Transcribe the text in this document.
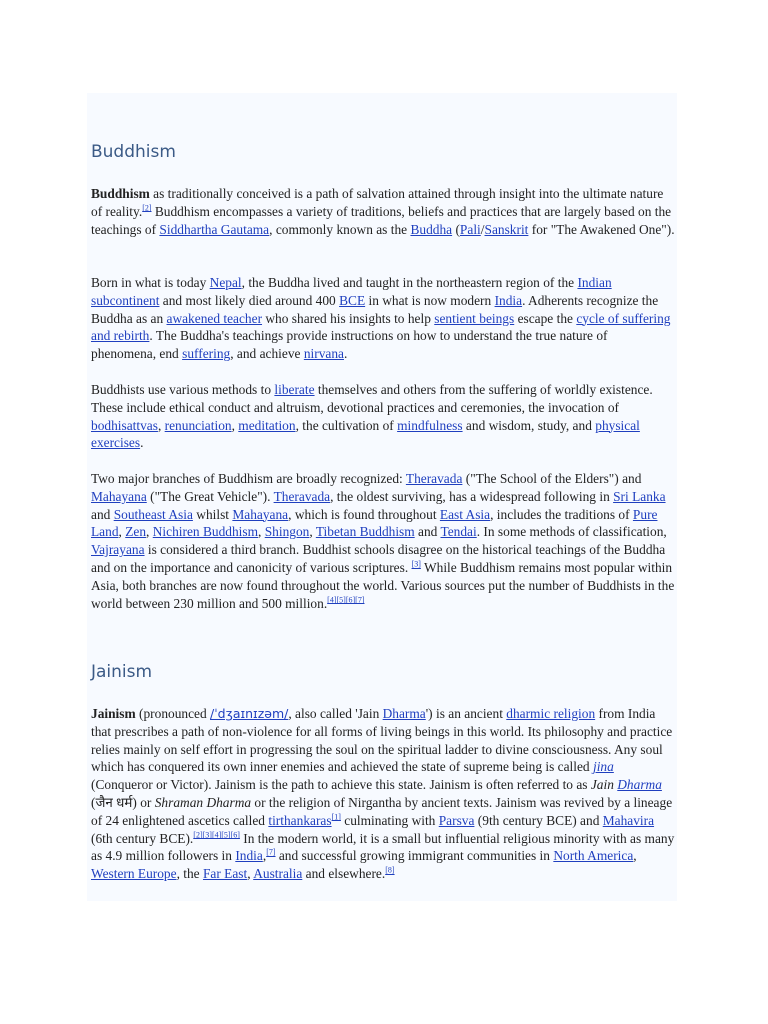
Buddhism

Buddhism as traditionally conceived is a path of salvation attained through insight into the ultimate nature of reality.[2] Buddhism encompasses a variety of traditions, beliefs and practices that are largely based on the teachings of Siddhartha Gautama, commonly known as the Buddha (Pali/Sanskrit for "The Awakened One").

Born in what is today Nepal, the Buddha lived and taught in the northeastern region of the Indian subcontinent and most likely died around 400 BCE in what is now modern India. Adherents recognize the Buddha as an awakened teacher who shared his insights to help sentient beings escape the cycle of suffering and rebirth. The Buddha's teachings provide instructions on how to understand the true nature of phenomena, end suffering, and achieve nirvana.

Buddhists use various methods to liberate themselves and others from the suffering of worldly existence. These include ethical conduct and altruism, devotional practices and ceremonies, the invocation of bodhisattvas, renunciation, meditation, the cultivation of mindfulness and wisdom, study, and physical exercises.

Two major branches of Buddhism are broadly recognized: Theravada ("The School of the Elders") and Mahayana ("The Great Vehicle"). Theravada, the oldest surviving, has a widespread following in Sri Lanka and Southeast Asia whilst Mahayana, which is found throughout East Asia, includes the traditions of Pure Land, Zen, Nichiren Buddhism, Shingon, Tibetan Buddhism and Tendai. In some methods of classification, Vajrayana is considered a third branch. Buddhist schools disagree on the historical teachings of the Buddha and on the importance and canonicity of various scriptures. [3] While Buddhism remains most popular within Asia, both branches are now found throughout the world. Various sources put the number of Buddhists in the world between 230 million and 500 million.[4][5][6][7]

Jainism

Jainism (pronounced /ˈdʒaɪnɪzəm/, also called 'Jain Dharma') is an ancient dharmic religion from India that prescribes a path of non-violence for all forms of living beings in this world. Its philosophy and practice relies mainly on self effort in progressing the soul on the spiritual ladder to divine consciousness. Any soul which has conquered its own inner enemies and achieved the state of supreme being is called jina (Conqueror or Victor). Jainism is the path to achieve this state. Jainism is often referred to as Jain Dharma (जैन धर्म) or Shraman Dharma or the religion of Nirgantha by ancient texts. Jainism was revived by a lineage of 24 enlightened ascetics called tirthankaras[1] culminating with Parsva (9th century BCE) and Mahavira (6th century BCE).[2][3][4][5][6] In the modern world, it is a small but influential religious minority with as many as 4.9 million followers in India,[7] and successful growing immigrant communities in North America, Western Europe, the Far East, Australia and elsewhere.[8]
